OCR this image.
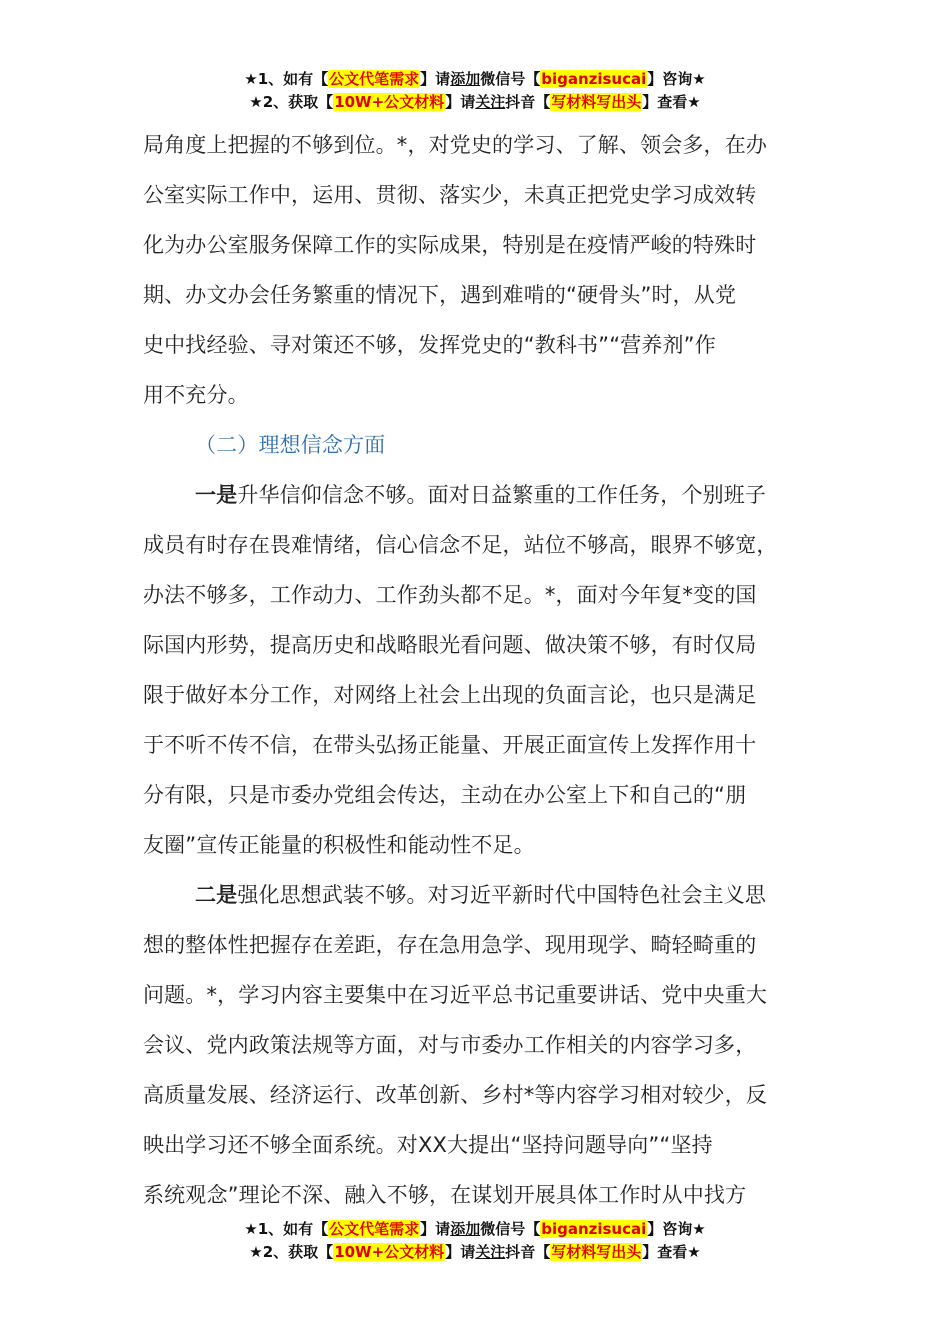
★1、如有【公文代笔需求】请添加微信号【biganzisucai】咨询★
★2、获取【10W+公文材料】请关注抖音【写材料写出头】查看★
局角度上把握的不够到位。*，对党史的学习、了解、领会多，在办
公室实际工作中，运用、贯彻、落实少，未真正把党史学习成效转
化为办公室服务保障工作的实际成果，特别是在疫情严峻的特殊时
期、办文办会任务繁重的情况下，遇到难啃的“硬骨头”时，从党
史中找经验、寻对策还不够，发挥党史的“教科书”“营养剂”作
用不充分。
（二）理想信念方面
一是升华信仰信念不够。面对日益繁重的工作任务，个别班子
成员有时存在畏难情绪，信心信念不足，站位不够高，眼界不够宽，
办法不够多，工作动力、工作劲头都不足。*，面对今年复*变的国
际国内形势，提高历史和战略眼光看问题、做决策不够，有时仅局
限于做好本分工作，对网络上社会上出现的负面言论，也只是满足
于不听不传不信，在带头弘扬正能量、开展正面宣传上发挥作用十
分有限，只是市委办党组会传达，主动在办公室上下和自己的“朋
友圈”宣传正能量的积极性和能动性不足。
二是强化思想武装不够。对习近平新时代中国特色社会主义思
想的整体性把握存在差距，存在急用急学、现用现学、畸轻畸重的
问题。*，学习内容主要集中在习近平总书记重要讲话、党中央重大
会议、党内政策法规等方面，对与市委办工作相关的内容学习多，
高质量发展、经济运行、改革创新、乡村*等内容学习相对较少，反
映出学习还不够全面系统。对XX大提出“坚持问题导向”“坚持
系统观念”理论不深、融入不够，在谋划开展具体工作时从中找方
★1、如有【公文代笔需求】请添加微信号【biganzisucai】咨询★
★2、获取【10W+公文材料】请关注抖音【写材料写出头】查看★
